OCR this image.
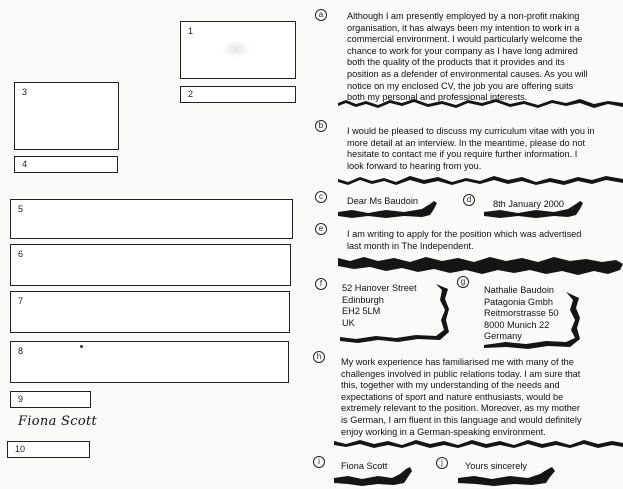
1
2
3
4
5
6
7
8
9
Fiona Scott
10
a	Although I am presently employed by a non-profit making

organisation, it has always been my intention to work in a

commercial environment. I would particularly welcome the

chance to work for your company as I have long admired

both the quality of the products that it provides and its

position as a defender of environmental causes. As you will

notice on my enclosed CV, the job you are offering suits

both my personal and professional interests.

b

I would be pleased to discuss my curriculum vitae with you in

more detail at an interview. In the meantime, please do not

hesitate to contact me if you require further information. I

look forward to hearing from you.

c	Dear Ms Baudoin	d	8th January 2000

e

I am writing to apply for the position which was advertised

last month in The Independent.

f	52 Hanover Street

Edinburgh

EH2 5LM

UK

g

Nathalie Baudoin

Patagonia Gmbh

Reitmorstrasse 50

8000 Munich 22

Germany

h

My work experience has familiarised me with many of the

challenges involved in public relations today. I am sure that

this, together with my understanding of the needs and

expectations of sport and nature enthusiasts, would be

extremely relevant to the position. Moreover, as my mother

is German, I am fluent in this language and would definitely

enjoy working in a German-speaking environment.

i	Fiona Scott	j	Yours sincerely
